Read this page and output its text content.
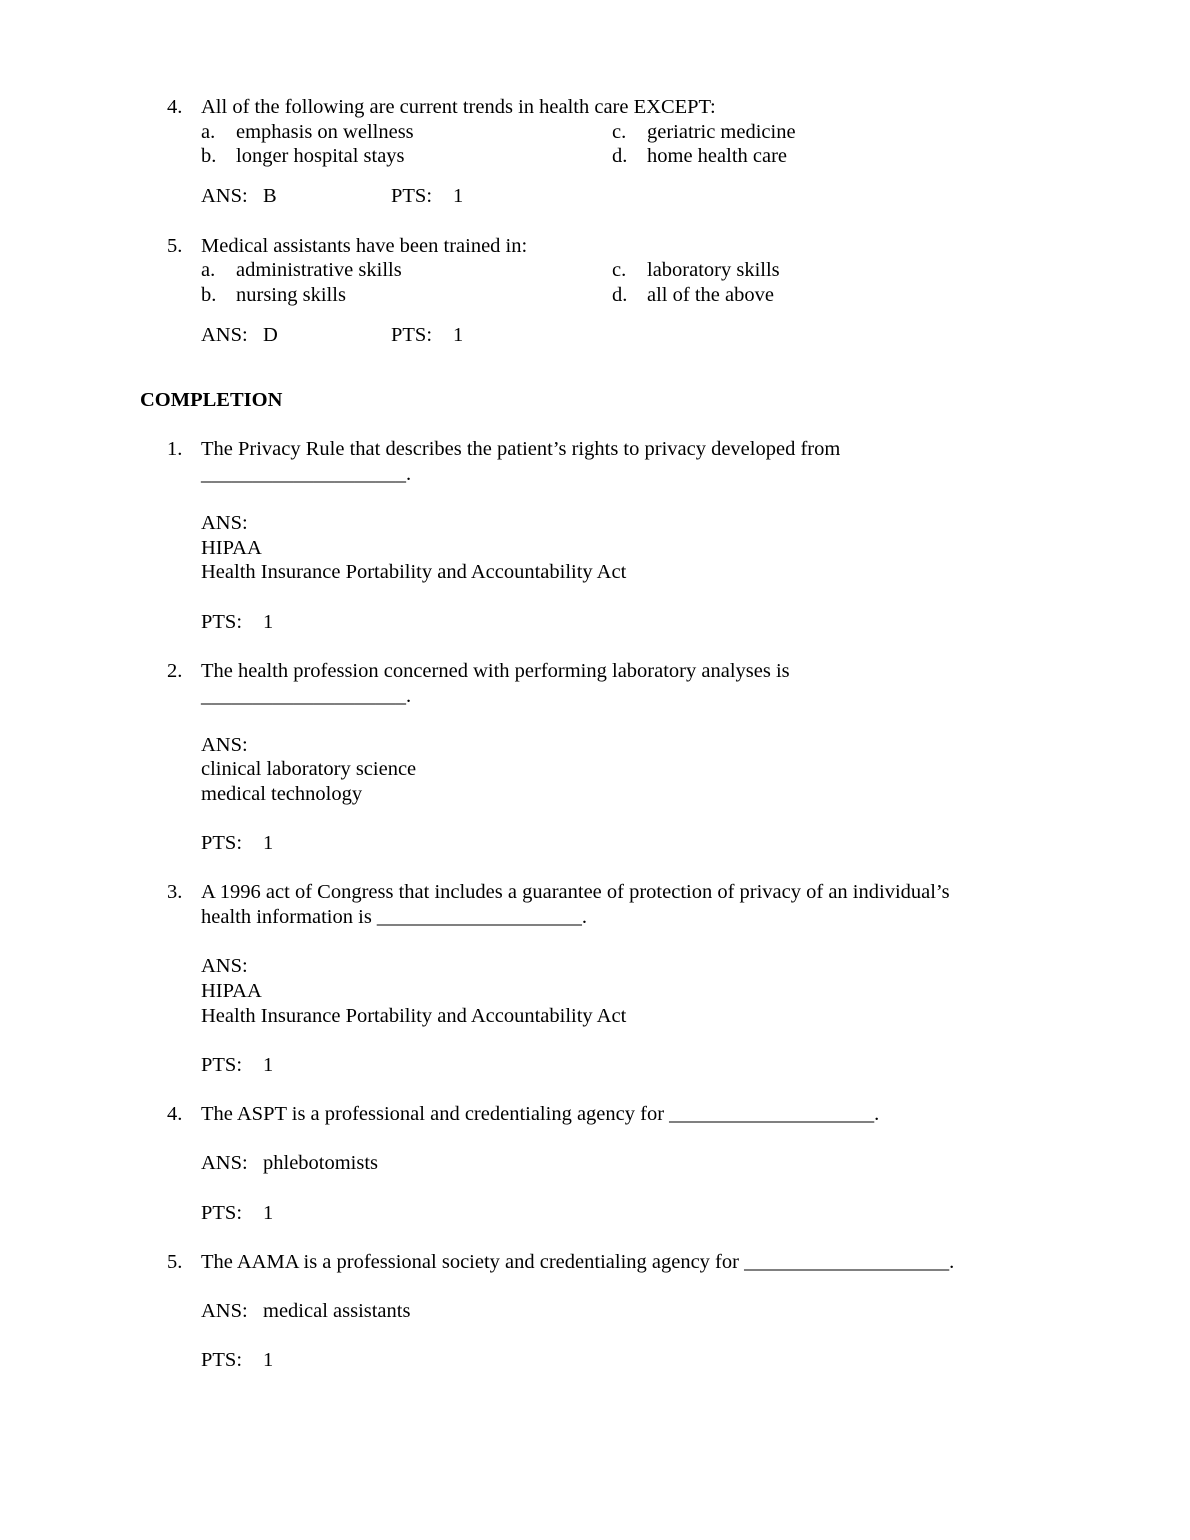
4. All of the following are current trends in health care EXCEPT:
a. emphasis on wellness
b. longer hospital stays
c. geriatric medicine
d. home health care
ANS: B	PTS: 1
5. Medical assistants have been trained in:
a. administrative skills
b. nursing skills
c. laboratory skills
d. all of the above
ANS: D	PTS: 1
COMPLETION
1. The Privacy Rule that describes the patient’s rights to privacy developed from
____________________.
ANS:
HIPAA
Health Insurance Portability and Accountability Act
PTS: 1
2. The health profession concerned with performing laboratory analyses is
____________________.
ANS:
clinical laboratory science
medical technology
PTS: 1
3. A 1996 act of Congress that includes a guarantee of protection of privacy of an individual’s
health information is ____________________.
ANS:
HIPAA
Health Insurance Portability and Accountability Act
PTS: 1
4. The ASPT is a professional and credentialing agency for ____________________.
ANS: phlebotomists
PTS: 1
5. The AAMA is a professional society and credentialing agency for ____________________.
ANS: medical assistants
PTS: 1
